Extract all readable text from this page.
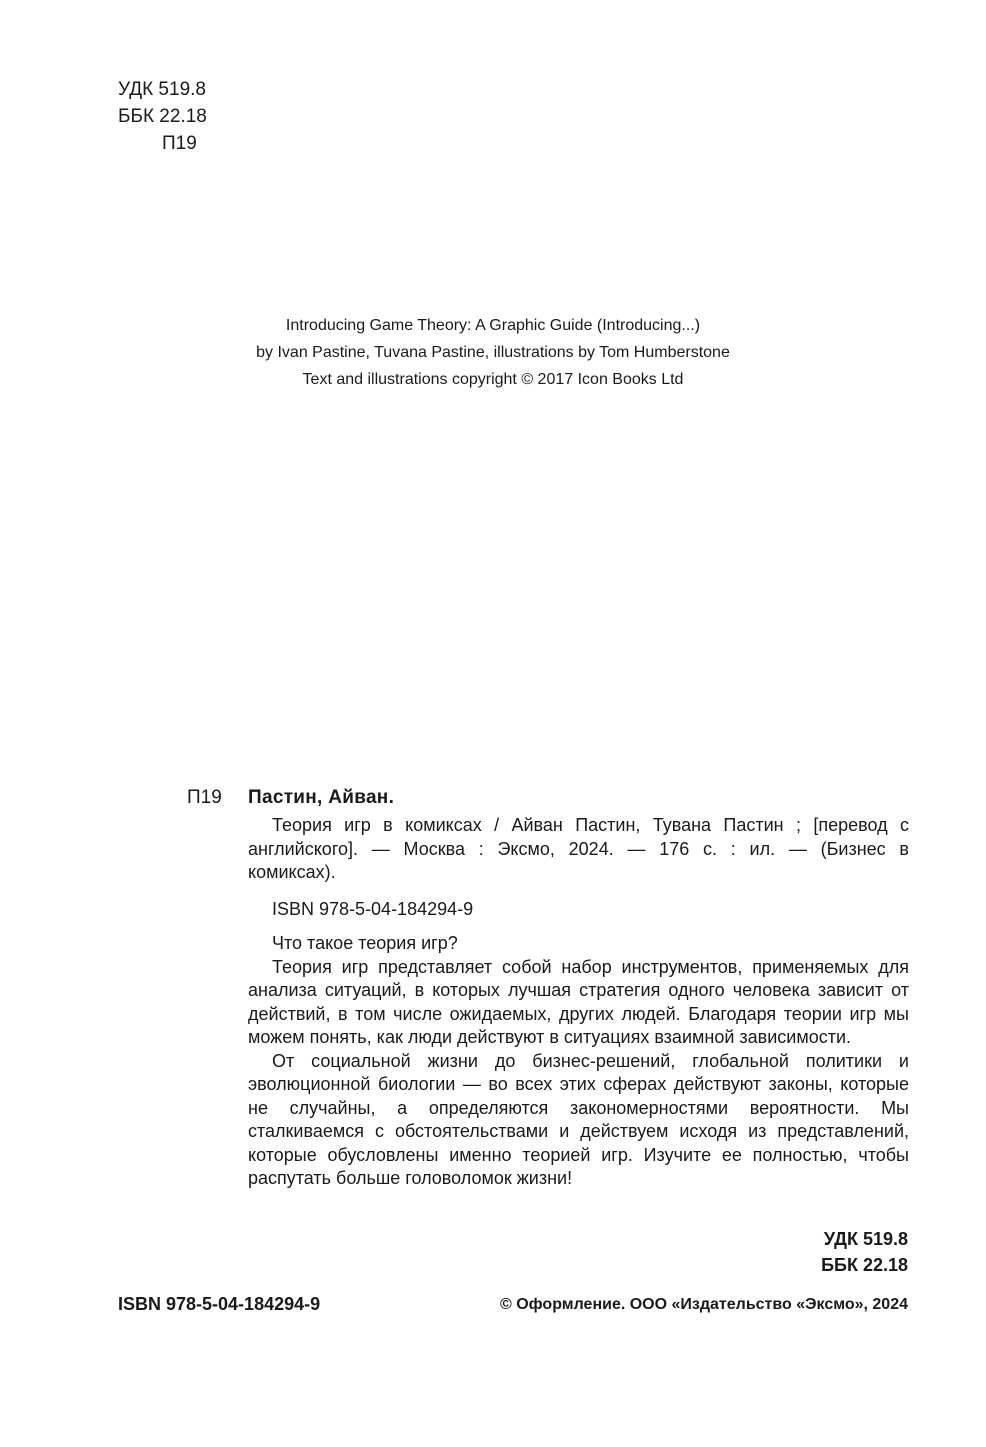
УДК 519.8
ББК 22.18
П19
Introducing Game Theory: A Graphic Guide (Introducing...)
by Ivan Pastine, Tuvana Pastine, illustrations by Tom Humberstone
Text and illustrations copyright © 2017 Icon Books Ltd
П19 Пастин, Айван.

Теория игр в комиксах / Айван Пастин, Тувана Пастин ; [перевод с английского]. — Москва : Эксмо, 2024. — 176 с. : ил. — (Бизнес в комиксах).

ISBN 978-5-04-184294-9

Что такое теория игр?

Теория игр представляет собой набор инструментов, применяемых для анализа ситуаций, в которых лучшая стратегия одного человека зависит от действий, в том числе ожидаемых, других людей. Благодаря теории игр мы можем понять, как люди действуют в ситуациях взаимной зависимости.

От социальной жизни до бизнес-решений, глобальной политики и эволюционной биологии — во всех этих сферах действуют законы, которые не случайны, а определяются закономерностями вероятности. Мы сталкиваемся с обстоятельствами и действуем исходя из представлений, которые обусловлены именно теорией игр. Изучите ее полностью, чтобы распутать больше головоломок жизни!

УДК 519.8
ББК 22.18
ISBN 978-5-04-184294-9	© Оформление. ООО «Издательство «Эксмо», 2024
